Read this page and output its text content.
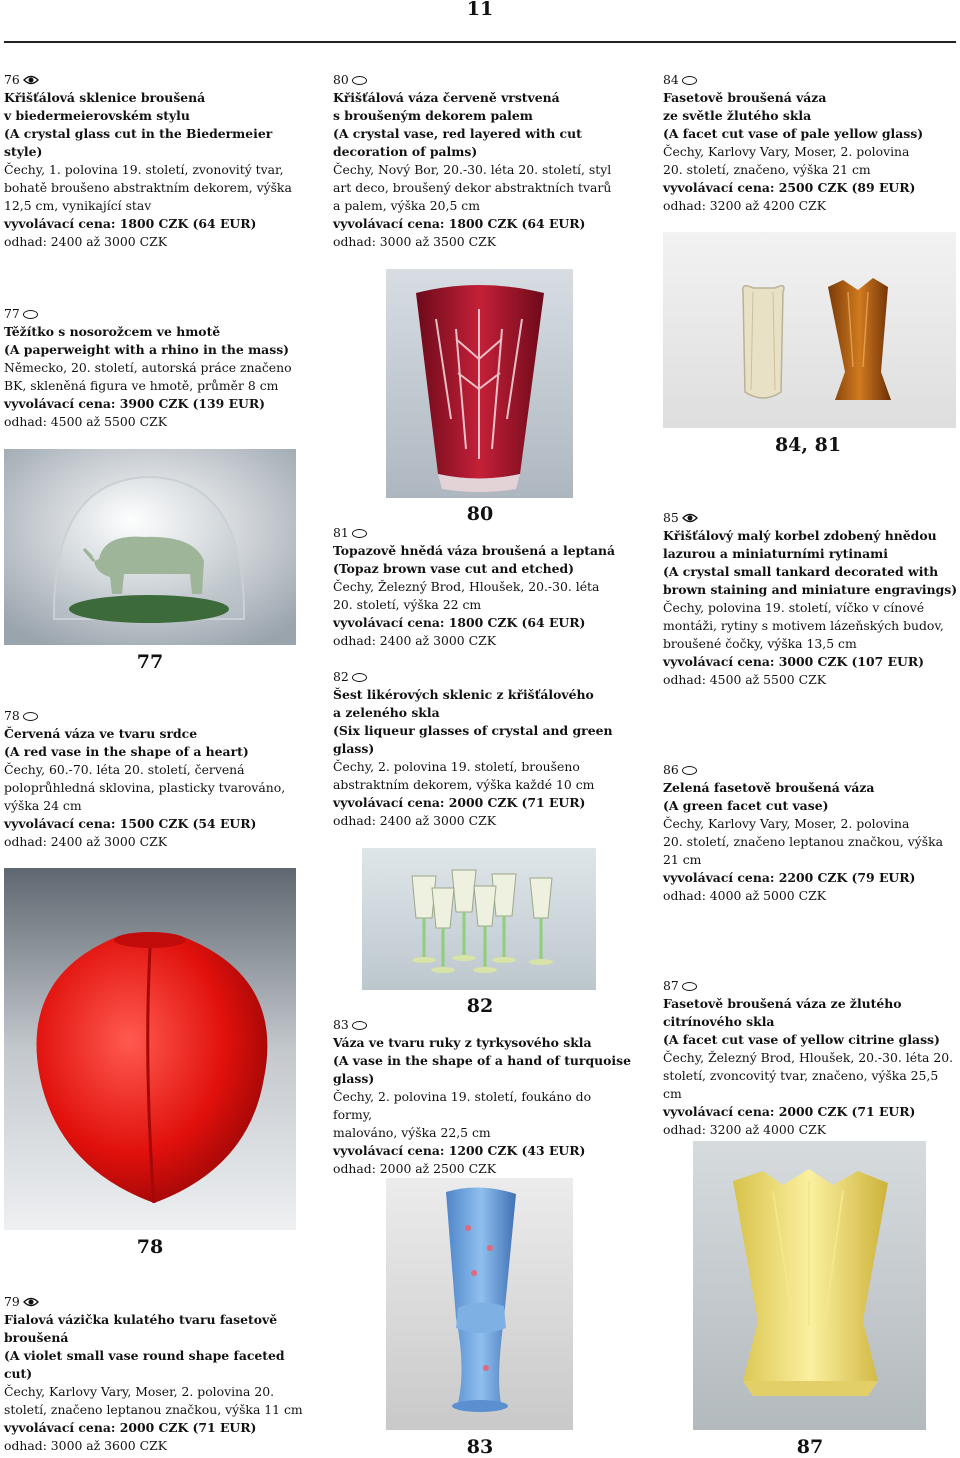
11
76
Křišťálová sklenice broušená
v biedermeierovském stylu
(A crystal glass cut in the Biedermeier
style)
Čechy, 1. polovina 19. století, zvonovitý tvar,
bohatě broušeno abstraktním dekorem, výška
12,5 cm, vynikající stav
vyvolávací cena: 1800 CZK (64 EUR)
odhad: 2400 až 3000 CZK
80
Křišťálová váza červeně vrstvená
s broušeným dekorem palem
(A crystal vase, red layered with cut
decoration of palms)
Čechy, Nový Bor, 20.-30. léta 20. století, styl
art deco, broušený dekor abstraktních tvarů
a palem, výška 20,5 cm
vyvolávací cena: 1800 CZK (64 EUR)
odhad: 3000 až 3500 CZK
84
Fasetově broušená váza
ze světle žlutého skla
(A facet cut vase of pale yellow glass)
Čechy, Karlovy Vary, Moser, 2. polovina
20. století, značeno, výška 21 cm
vyvolávací cena: 2500 CZK (89 EUR)
odhad: 3200 až 4200 CZK
77
Těžítko s nosorožcem ve hmotě
(A paperweight with a rhino in the mass)
Německo, 20. století, autorská práce značeno
BK, skleněná figura ve hmotě, průměr 8 cm
vyvolávací cena: 3900 CZK (139 EUR)
odhad: 4500 až 5500 CZK
81
Topazově hnědá váza broušená a leptaná
(Topaz brown vase cut and etched)
Čechy, Železný Brod, Hloušek, 20.-30. léta
20. století, výška 22 cm
vyvolávací cena: 1800 CZK (64 EUR)
odhad: 2400 až 3000 CZK
85
Křišťálový malý korbel zdobený hnědou
lazurou a miniaturními rytinami
(A crystal small tankard decorated with
brown staining and miniature engravings)
Čechy, polovina 19. století, víčko v cínové
montáži, rytiny s motivem lázeňských budov,
broušené čočky, výška 13,5 cm
vyvolávací cena: 3000 CZK (107 EUR)
odhad: 4500 až 5500 CZK
82
Šest likérových sklenic z křišťálového
a zeleného skla
(Six liqueur glasses of crystal and green
glass)
Čechy, 2. polovina 19. století, broušeno
abstraktním dekorem, výška každé 10 cm
vyvolávací cena: 2000 CZK (71 EUR)
odhad: 2400 až 3000 CZK
78
Červená váza ve tvaru srdce
(A red vase in the shape of a heart)
Čechy, 60.-70. léta 20. století, červená
poloprůhledná sklovina, plasticky tvarováno,
výška 24 cm
vyvolávací cena: 1500 CZK (54 EUR)
odhad: 2400 až 3000 CZK
86
Zelená fasetově broušená váza
(A green facet cut vase)
Čechy, Karlovy Vary, Moser, 2. polovina
20. století, značeno leptanou značkou, výška
21 cm
vyvolávací cena: 2200 CZK (79 EUR)
odhad: 4000 až 5000 CZK
83
Váza ve tvaru ruky z tyrkysového skla
(A vase in the shape of a hand of turquoise
glass)
Čechy, 2. polovina 19. století, foukáno do formy,
malováno, výška 22,5 cm
vyvolávací cena: 1200 CZK (43 EUR)
odhad: 2000 až 2500 CZK
87
Fasetově broušená váza ze žlutého
citrínového skla
(A facet cut vase of yellow citrine glass)
Čechy, Železný Brod, Hloušek, 20.-30. léta 20.
století, zvoncovitý tvar, značeno, výška 25,5 cm
vyvolávací cena: 2000 CZK (71 EUR)
odhad: 3200 až 4000 CZK
79
Fialová vázička kulatého tvaru fasetově
broušená
(A violet small vase round shape faceted
cut)
Čechy, Karlovy Vary, Moser, 2. polovina 20.
století, značeno leptanou značkou, výška 11 cm
vyvolávací cena: 2000 CZK (71 EUR)
odhad: 3000 až 3600 CZK
80
84, 81
77
82
78
83	87
